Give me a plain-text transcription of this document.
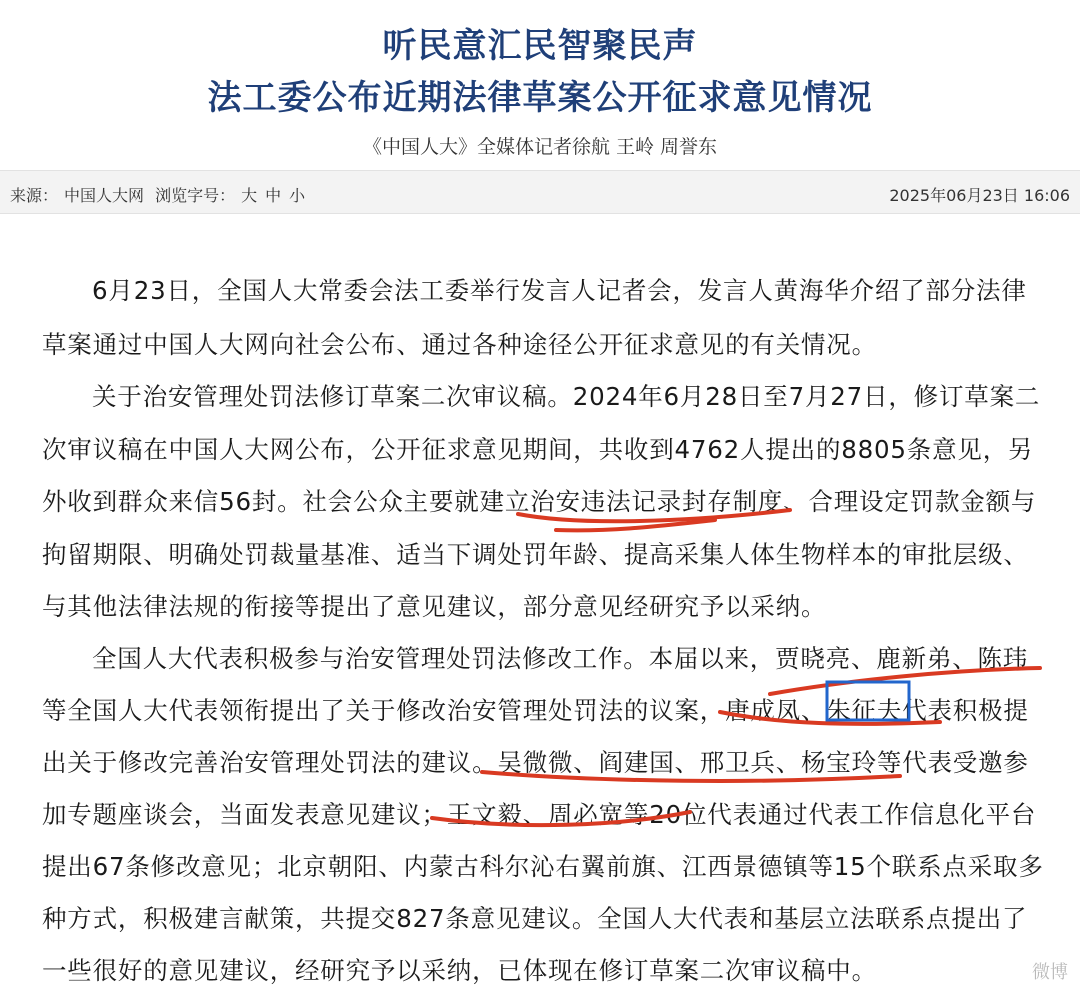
听民意汇民智聚民声
法工委公布近期法律草案公开征求意见情况
《中国人大》全媒体记者徐航 王岭 周誉东
来源： 中国人大网 浏览字号： 大 中 小	2025年06月23日 16:06
6月23日，全国人大常委会法工委举行发言人记者会，发言人黄海华介绍了部分法律
草案通过中国人大网向社会公布、通过各种途径公开征求意见的有关情况。
关于治安管理处罚法修订草案二次审议稿。2024年6月28日至7月27日，修订草案二
次审议稿在中国人大网公布，公开征求意见期间，共收到4762人提出的8805条意见，另
外收到群众来信56封。社会公众主要就建立治安违法记录封存制度、合理设定罚款金额与
拘留期限、明确处罚裁量基准、适当下调处罚年龄、提高采集人体生物样本的审批层级、
与其他法律法规的衔接等提出了意见建议，部分意见经研究予以采纳。
全国人大代表积极参与治安管理处罚法修改工作。本届以来，贾晓亮、鹿新弟、陈玮
等全国人大代表领衔提出了关于修改治安管理处罚法的议案，唐成凤、朱征夫代表积极提
出关于修改完善治安管理处罚法的建议。吴微微、阎建国、邢卫兵、杨宝玲等代表受邀参
加专题座谈会，当面发表意见建议；王文毅、周必宽等20位代表通过代表工作信息化平台
提出67条修改意见；北京朝阳、内蒙古科尔沁右翼前旗、江西景德镇等15个联系点采取多
种方式，积极建言献策，共提交827条意见建议。全国人大代表和基层立法联系点提出了
一些很好的意见建议，经研究予以采纳，已体现在修订草案二次审议稿中。	微博
